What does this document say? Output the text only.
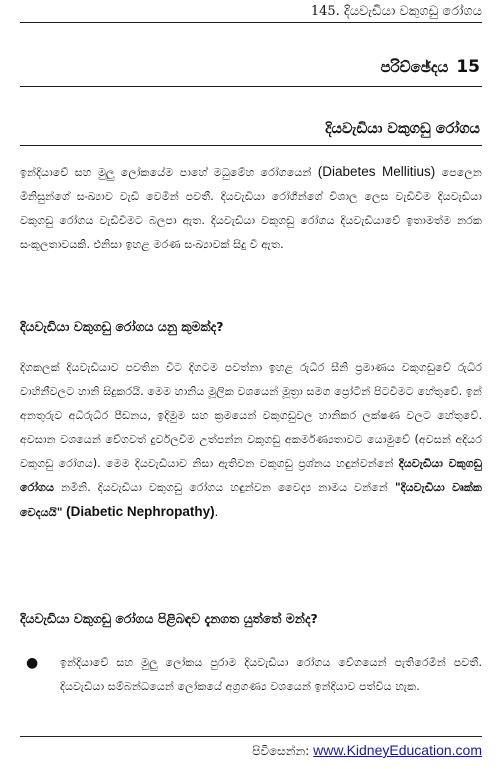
145. දියවැඩියා වකුගඩු රෝගය
පරිච්ඡේදය 15
දියවැඩියා වකුගඩු රෝගය
ඉන්දියාවේ සහ මුලු ලෝකයේම පාහේ මධුමේහ රෝගයෙන් (Diabetes Mellitius) පෙලෙන මිනිසුන්ගේ සංඛ්‍යාව වැඩි වෙමින් පවතී. දියවැඩියා රෝගීන්ගේ විශාල ලෙස වැඩිවීම දියවැඩියා වකුගඩු රෝගය වැඩිවීමට බලපා ඇත. දියවැඩියා වකුගඩු රෝගය දියවැඩියාවේ ඉතාමත්ම නරක සංකූලතාවයකි. එනිසා ඉහළ මරණ සංඛ්‍යාවක් සිදු වී ඇත.
දියවැඩියා වකුගඩු රෝගය යනු කුමක්ද?
දිගකලක් දියවැඩියාව පවතින විට දිගටම පවත්නා ඉහළ රුධිර සීනි ප්‍රමාණය වකුගඩුවේ රුධිර වාහිනීවලට හානි සිදුකරයි. මෙම හානිය මූලික වශයෙන් මූත්‍රා සමග ප්‍රෝටීන් පිටවීමට හේතුවේ. ඉන් අනතුරුව අධිරුධිර පීඩනය, ඉදිමුම සහ ක්‍රමයෙන් වකුගඩුවල හානිකර ලක්ෂණ වලට හේතුවේ. අවසාන වශයෙන් වේගවත් දුර්වලවීම උත්පන්න වකුගඩු අකර්මණ්‍යතාවට යොමුවේ (අවසන් අදියර වකුගඩු රෝගය). මෙම දියවැඩියාව නිසා ඇතිවන වකුගඩු ප්‍රශ්නය හඳුන්වන්නේ දියවැඩියා වකුගඩු රෝගය නමිනි. දියවැඩියා වකුගඩු රෝගය හඳුන්වන වෛද්‍ය නාමය වන්නේ "දියවැඩියා වෘක්ක වෙදයයි" (Diabetic Nephropathy).
දියවැඩියා වකුගඩු රෝගය පිළිබඳව දැනගත යුත්තේ මන්ද?
● ඉන්දියාවේ සහ මුලු ලෝකය පුරාම දියවැඩියා රෝගය වේගයෙන් පැතිරෙමින් පවතී. දියවැඩියා සම්බන්ධයෙන් ලෝකයේ අග්‍රගණ්‍ය වශයෙන් ඉන්දියාව පත්විය හැක.
පිවිසෙන්න: www.KidneyEducation.com
